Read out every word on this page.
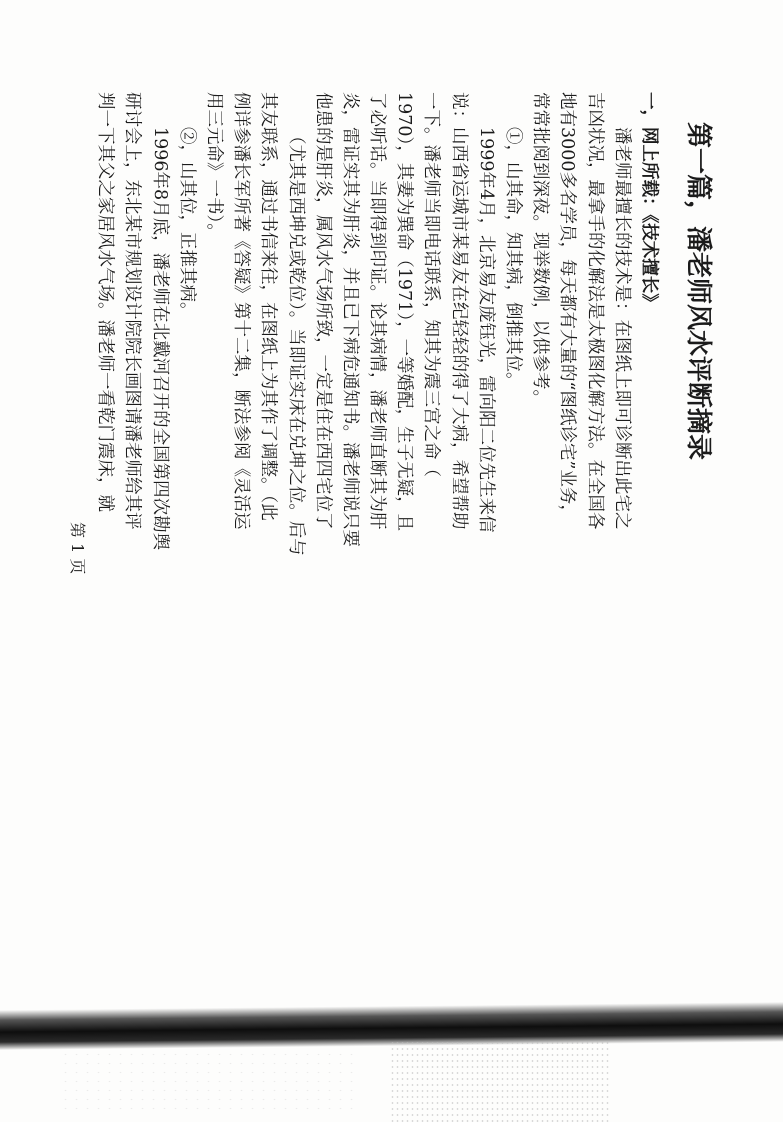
第一篇，潘老师风水评断摘录
一，网上所载：《技术擅长》
潘老师最擅长的技术是：在图纸上即可诊断出此宅之
吉凶状况，最拿手的化解法是太极图化解方法。在全国各
地有3000多名学员，每天都有大量的“图纸诊宅”业务，
常常批阅到深夜。现举数例，以供参考。
①，山其命，知其病，倒推其位。
1999年4月，北京易友庞钰光，雷向阳二位先生来信
说：山西省运城市某易友在纪轻轻的得了大病，希望帮助
一下。潘老师当即电话联系，知其为震三宫之命（
1970），其妻为巽命（1971），一等婚配，生子无疑，且
了必听话。当即得到印证。论其病情，潘老师直断其为肝
炎，雷证实其为肝炎，并且已下病危通知书。潘老师说只要
他患的是肝炎，属风水气场所致，一定是住在西四宅位了
（尤其是西坤兑或乾位）。当即证实床在兑坤之位。后与
其友联系，通过书信来往，在图纸上为其作了调整。（此
例详参潘长军所著《答疑》第十二集，断法参阅《灵活运
用三元命》一书）。
②，山其位，正推其病。
1996年8月底，潘老师在北戴河召开的全国第四次勘舆
研讨会上，东北某市规划设计院院长画图请潘老师给其评
判一下其父之家居风水气场。潘老师一看乾门震床，就
第 1 页
